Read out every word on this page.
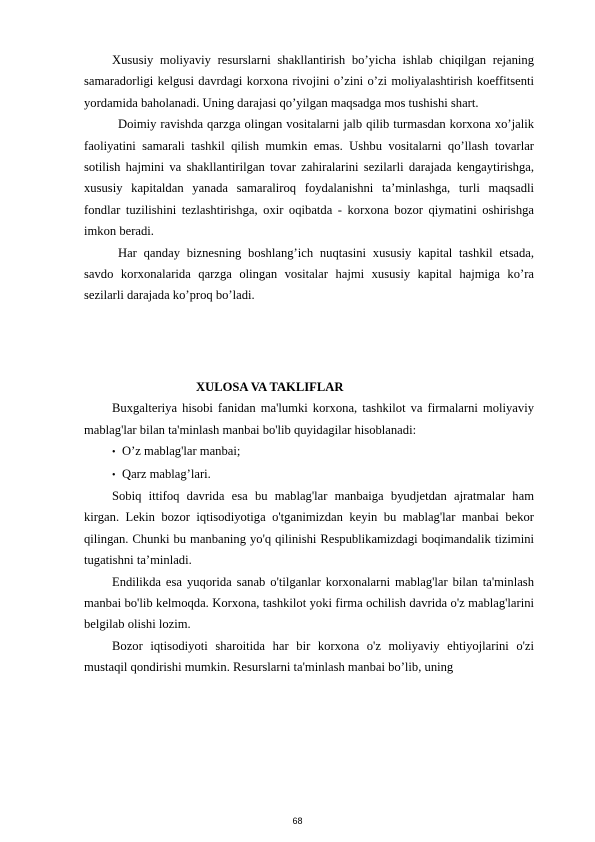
Xususiy moliyaviy resurslarni shakllantirish bo’yicha ishlab chiqilgan rejaning samaradorligi kelgusi davrdagi korxona rivojini o’zini o’zi moliyalashtirish koeffitsenti yordamida baholanadi. Uning darajasi qo’yilgan maqsadga mos tushishi shart.

Doimiy ravishda qarzga olingan vositalarni jalb qilib turmasdan korxona xo’jalik faoliyatini samarali tashkil qilish mumkin emas. Ushbu vositalarni qo’llash tovarlar sotilish hajmini va shakllantirilgan tovar zahiralarini sezilarli darajada kengaytirishga, xususiy kapitaldan yanada samaraliroq foydalanishni ta’minlashga, turli maqsadli fondlar tuzilishini tezlashtirishga, oxir oqibatda - korxona bozor qiymatini oshirishga imkon beradi.

Har qanday biznesning boshlang’ich nuqtasini xususiy kapital tashkil etsada, savdo korxonalarida qarzga olingan vositalar hajmi xususiy kapital hajmiga ko’ra sezilarli darajada ko’proq bo’ladi.

XULOSA VA TAKLIFLAR

Buxgalteriya hisobi fanidan ma'lumki korxona, tashkilot va firmalarni moliyaviy mablag'lar bilan ta'minlash manbai bo'lib quyidagilar hisoblanadi:

• O’z mablag'lar manbai;
• Qarz mablag’lari.

Sobiq ittifoq davrida esa bu mablag'lar manbaiga byudjetdan ajratmalar ham kirgan. Lekin bozor iqtisodiyotiga o'tganimizdan keyin bu mablag'lar manbai bekor qilingan. Chunki bu manbaning yo'q qilinishi Respublikamizdagi boqimandalik tizimini tugatishni ta’minladi.

Endilikda esa yuqorida sanab o'tilganlar korxonalarni mablag'lar bilan ta'minlash manbai bo'lib kelmoqda. Korxona, tashkilot yoki firma ochilish davrida o'z mablag'larini belgilab olishi lozim.

Bozor iqtisodiyoti sharoitida har bir korxona o'z moliyaviy ehtiyojlarini o'zi mustaqil qondirishi mumkin. Resurslarni ta'minlash manbai bo’lib, uning

68
